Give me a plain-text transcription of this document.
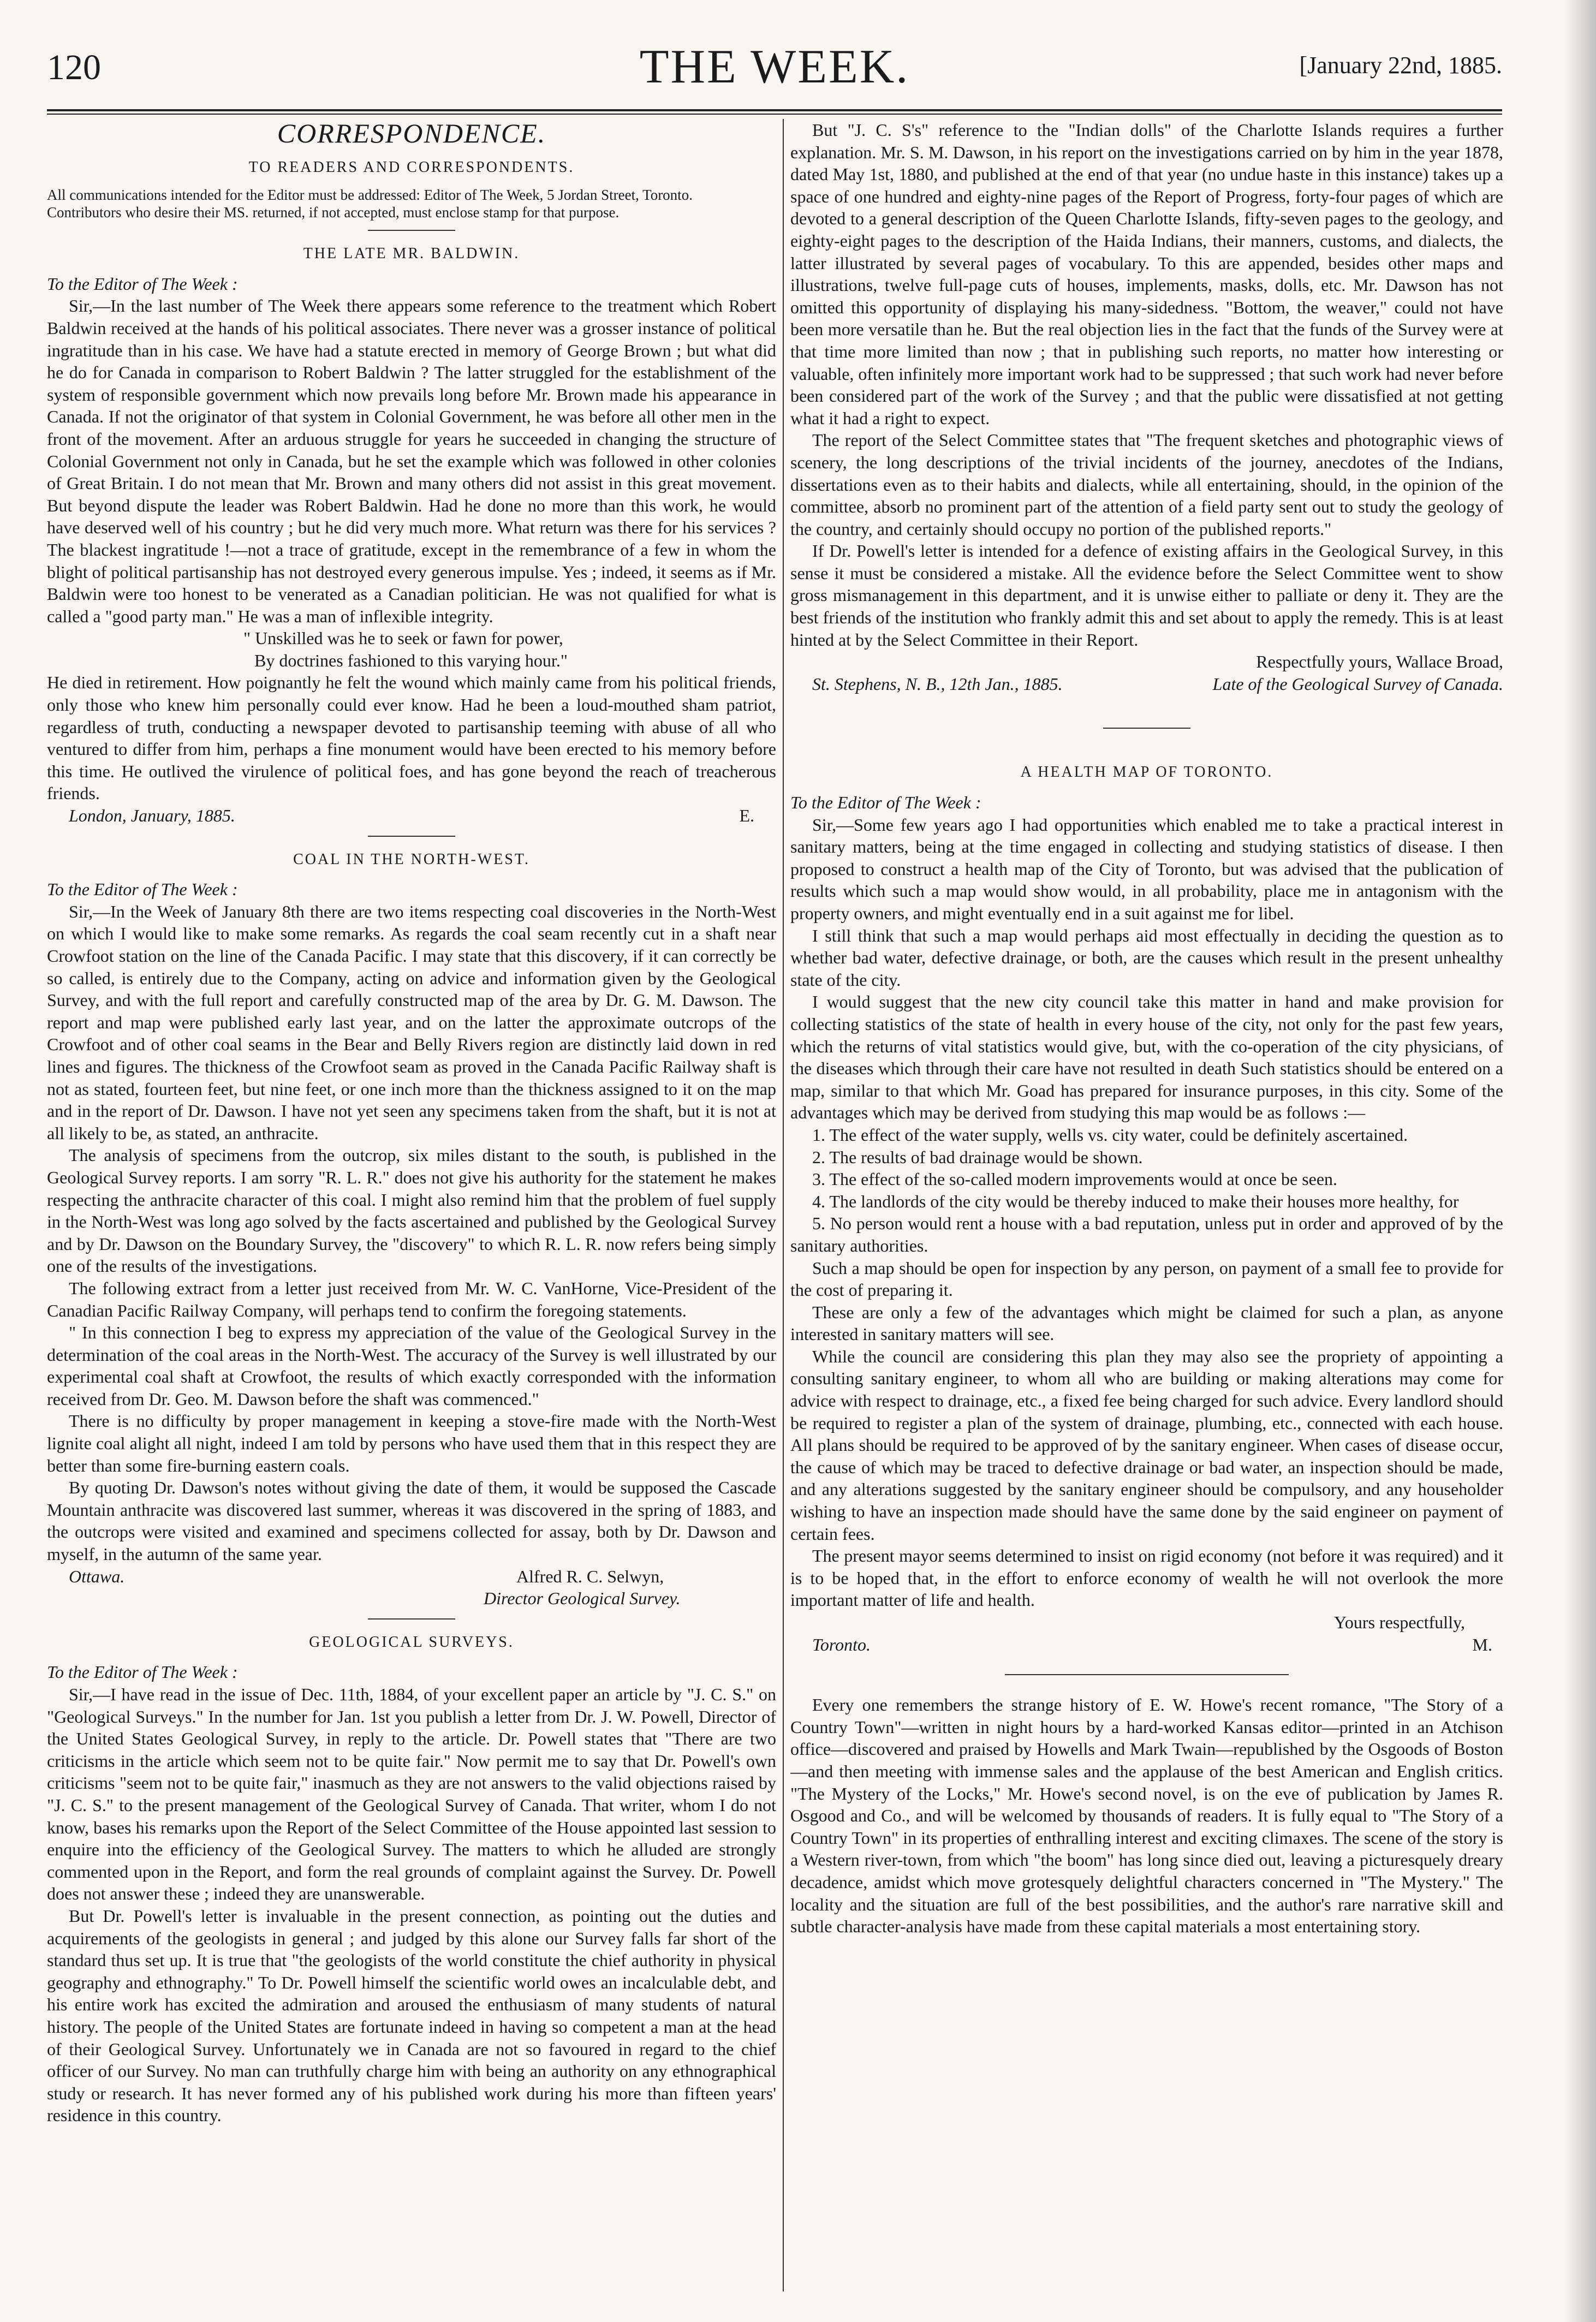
120	THE WEEK.	[January 22nd, 1885.
CORRESPONDENCE.
TO READERS AND CORRESPONDENTS.

All communications intended for the Editor must be addressed: Editor of The Week, 5 Jordan Street, Toronto.

Contributors who desire their MS. returned, if not accepted, must enclose stamp for that purpose.

THE LATE MR. BALDWIN.

To the Editor of The Week :

Sir,—In the last number of The Week there appears some reference to the treatment which Robert Baldwin received at the hands of his political associates. There never was a grosser instance of political ingratitude than in his case. We have had a statute erected in memory of George Brown ; but what did he do for Canada in comparison to Robert Baldwin ? The latter struggled for the establishment of the system of responsible government which now prevails long before Mr. Brown made his appearance in Canada. If not the originator of that system in Colonial Government, he was before all other men in the front of the movement. After an arduous struggle for years he succeeded in changing the structure of Colonial Government not only in Canada, but he set the example which was followed in other colonies of Great Britain. I do not mean that Mr. Brown and many others did not assist in this great movement. But beyond dispute the leader was Robert Baldwin. Had he done no more than this work, he would have deserved well of his country ; but he did very much more. What return was there for his services ? The blackest ingratitude !—not a trace of gratitude, except in the remembrance of a few in whom the blight of political partisanship has not destroyed every generous impulse. Yes ; indeed, it seems as if Mr. Baldwin were too honest to be venerated as a Canadian politician. He was not qualified for what is called a "good party man." He was a man of inflexible integrity.

" Unskilled was he to seek or fawn for power,

By doctrines fashioned to this varying hour."

He died in retirement. How poignantly he felt the wound which mainly came from his political friends, only those who knew him personally could ever know. Had he been a loud-mouthed sham patriot, regardless of truth, conducting a newspaper devoted to partisanship teeming with abuse of all who ventured to differ from him, perhaps a fine monument would have been erected to his memory before this time. He outlived the virulence of political foes, and has gone beyond the reach of treacherous friends.

London, January, 1885.	E.
COAL IN THE NORTH-WEST.

To the Editor of The Week :

Sir,—In the Week of January 8th there are two items respecting coal discoveries in the North-West on which I would like to make some remarks. As regards the coal seam recently cut in a shaft near Crowfoot station on the line of the Canada Pacific. I may state that this discovery, if it can correctly be so called, is entirely due to the Company, acting on advice and information given by the Geological Survey, and with the full report and carefully constructed map of the area by Dr. G. M. Dawson. The report and map were published early last year, and on the latter the approximate outcrops of the Crowfoot and of other coal seams in the Bear and Belly Rivers region are distinctly laid down in red lines and figures. The thickness of the Crowfoot seam as proved in the Canada Pacific Railway shaft is not as stated, fourteen feet, but nine feet, or one inch more than the thickness assigned to it on the map and in the report of Dr. Dawson. I have not yet seen any specimens taken from the shaft, but it is not at all likely to be, as stated, an anthracite.

The analysis of specimens from the outcrop, six miles distant to the south, is published in the Geological Survey reports. I am sorry "R. L. R." does not give his authority for the statement he makes respecting the anthracite character of this coal. I might also remind him that the problem of fuel supply in the North-West was long ago solved by the facts ascertained and published by the Geological Survey and by Dr. Dawson on the Boundary Survey, the "discovery" to which R. L. R. now refers being simply one of the results of the investigations.

The following extract from a letter just received from Mr. W. C. VanHorne, Vice-President of the Canadian Pacific Railway Company, will perhaps tend to confirm the foregoing statements.

" In this connection I beg to express my appreciation of the value of the Geological Survey in the determination of the coal areas in the North-West. The accuracy of the Survey is well illustrated by our experimental coal shaft at Crowfoot, the results of which exactly corresponded with the information received from Dr. Geo. M. Dawson before the shaft was commenced."

There is no difficulty by proper management in keeping a stove-fire made with the North-West lignite coal alight all night, indeed I am told by persons who have used them that in this respect they are better than some fire-burning eastern coals.

By quoting Dr. Dawson's notes without giving the date of them, it would be supposed the Cascade Mountain anthracite was discovered last summer, whereas it was discovered in the spring of 1883, and the outcrops were visited and examined and specimens collected for assay, both by Dr. Dawson and myself, in the autumn of the same year.

Ottawa.	Alfred R. C. Selwyn,

Director Geological Survey.

GEOLOGICAL SURVEYS.

To the Editor of The Week :

Sir,—I have read in the issue of Dec. 11th, 1884, of your excellent paper an article by "J. C. S." on "Geological Surveys." In the number for Jan. 1st you publish a letter from Dr. J. W. Powell, Director of the United States Geological Survey, in reply to the article. Dr. Powell states that "There are two criticisms in the article which seem not to be quite fair." Now permit me to say that Dr. Powell's own criticisms "seem not to be quite fair," inasmuch as they are not answers to the valid objections raised by "J. C. S." to the present management of the Geological Survey of Canada. That writer, whom I do not know, bases his remarks upon the Report of the Select Committee of the House appointed last session to enquire into the efficiency of the Geological Survey. The matters to which he alluded are strongly commented upon in the Report, and form the real grounds of complaint against the Survey. Dr. Powell does not answer these ; indeed they are unanswerable.

But Dr. Powell's letter is invaluable in the present connection, as pointing out the duties and acquirements of the geologists in general ; and judged by this alone our Survey falls far short of the standard thus set up. It is true that "the geologists of the world constitute the chief authority in physical geography and ethnography." To Dr. Powell himself the scientific world owes an incalculable debt, and his entire work has excited the admiration and aroused the enthusiasm of many students of natural history. The people of the United States are fortunate indeed in having so competent a man at the head of their Geological Survey. Unfortunately we in Canada are not so favoured in regard to the chief officer of our Survey. No man can truthfully charge him with being an authority on any ethnographical study or research. It has never formed any of his published work during his more than fifteen years' residence in this country.

But "J. C. S's" reference to the "Indian dolls" of the Charlotte Islands requires a further explanation. Mr. S. M. Dawson, in his report on the investigations carried on by him in the year 1878, dated May 1st, 1880, and published at the end of that year (no undue haste in this instance) takes up a space of one hundred and eighty-nine pages of the Report of Progress, forty-four pages of which are devoted to a general description of the Queen Charlotte Islands, fifty-seven pages to the geology, and eighty-eight pages to the description of the Haida Indians, their manners, customs, and dialects, the latter illustrated by several pages of vocabulary. To this are appended, besides other maps and illustrations, twelve full-page cuts of houses, implements, masks, dolls, etc. Mr. Dawson has not omitted this opportunity of displaying his many-sidedness. "Bottom, the weaver," could not have been more versatile than he. But the real objection lies in the fact that the funds of the Survey were at that time more limited than now ; that in publishing such reports, no matter how interesting or valuable, often infinitely more important work had to be suppressed ; that such work had never before been considered part of the work of the Survey ; and that the public were dissatisfied at not getting what it had a right to expect.

The report of the Select Committee states that "The frequent sketches and photographic views of scenery, the long descriptions of the trivial incidents of the journey, anecdotes of the Indians, dissertations even as to their habits and dialects, while all entertaining, should, in the opinion of the committee, absorb no prominent part of the attention of a field party sent out to study the geology of the country, and certainly should occupy no portion of the published reports."

If Dr. Powell's letter is intended for a defence of existing affairs in the Geological Survey, in this sense it must be considered a mistake. All the evidence before the Select Committee went to show gross mismanagement in this department, and it is unwise either to palliate or deny it. They are the best friends of the institution who frankly admit this and set about to apply the remedy. This is at least hinted at by the Select Committee in their Report.

Respectfully yours, Wallace Broad,

St. Stephens, N. B., 12th Jan., 1885.	Late of the Geological Survey of Canada.
A HEALTH MAP OF TORONTO.

To the Editor of The Week :

Sir,—Some few years ago I had opportunities which enabled me to take a practical interest in sanitary matters, being at the time engaged in collecting and studying statistics of disease. I then proposed to construct a health map of the City of Toronto, but was advised that the publication of results which such a map would show would, in all probability, place me in antagonism with the property owners, and might eventually end in a suit against me for libel.

I still think that such a map would perhaps aid most effectually in deciding the question as to whether bad water, defective drainage, or both, are the causes which result in the present unhealthy state of the city.

I would suggest that the new city council take this matter in hand and make provision for collecting statistics of the state of health in every house of the city, not only for the past few years, which the returns of vital statistics would give, but, with the co-operation of the city physicians, of the diseases which through their care have not resulted in death Such statistics should be entered on a map, similar to that which Mr. Goad has prepared for insurance purposes, in this city. Some of the advantages which may be derived from studying this map would be as follows :—

1. The effect of the water supply, wells vs. city water, could be definitely ascertained.

2. The results of bad drainage would be shown.

3. The effect of the so-called modern improvements would at once be seen.

4. The landlords of the city would be thereby induced to make their houses more healthy, for

5. No person would rent a house with a bad reputation, unless put in order and approved of by the sanitary authorities.

Such a map should be open for inspection by any person, on payment of a small fee to provide for the cost of preparing it.

These are only a few of the advantages which might be claimed for such a plan, as anyone interested in sanitary matters will see.

While the council are considering this plan they may also see the propriety of appointing a consulting sanitary engineer, to whom all who are building or making alterations may come for advice with respect to drainage, etc., a fixed fee being charged for such advice. Every landlord should be required to register a plan of the system of drainage, plumbing, etc., connected with each house. All plans should be required to be approved of by the sanitary engineer. When cases of disease occur, the cause of which may be traced to defective drainage or bad water, an inspection should be made, and any alterations suggested by the sanitary engineer should be compulsory, and any householder wishing to have an inspection made should have the same done by the said engineer on payment of certain fees.

The present mayor seems determined to insist on rigid economy (not before it was required) and it is to be hoped that, in the effort to enforce economy of wealth he will not overlook the more important matter of life and health.

Yours respectfully,
Toronto.	M.

Every one remembers the strange history of E. W. Howe's recent romance, "The Story of a Country Town"—written in night hours by a hard-worked Kansas editor—printed in an Atchison office—discovered and praised by Howells and Mark Twain—republished by the Osgoods of Boston—and then meeting with immense sales and the applause of the best American and English critics. "The Mystery of the Locks," Mr. Howe's second novel, is on the eve of publication by James R. Osgood and Co., and will be welcomed by thousands of readers. It is fully equal to "The Story of a Country Town" in its properties of enthralling interest and exciting climaxes. The scene of the story is a Western river-town, from which "the boom" has long since died out, leaving a picturesquely dreary decadence, amidst which move grotesquely delightful characters concerned in "The Mystery." The locality and the situation are full of the best possibilities, and the author's rare narrative skill and subtle character-analysis have made from these capital materials a most entertaining story.
